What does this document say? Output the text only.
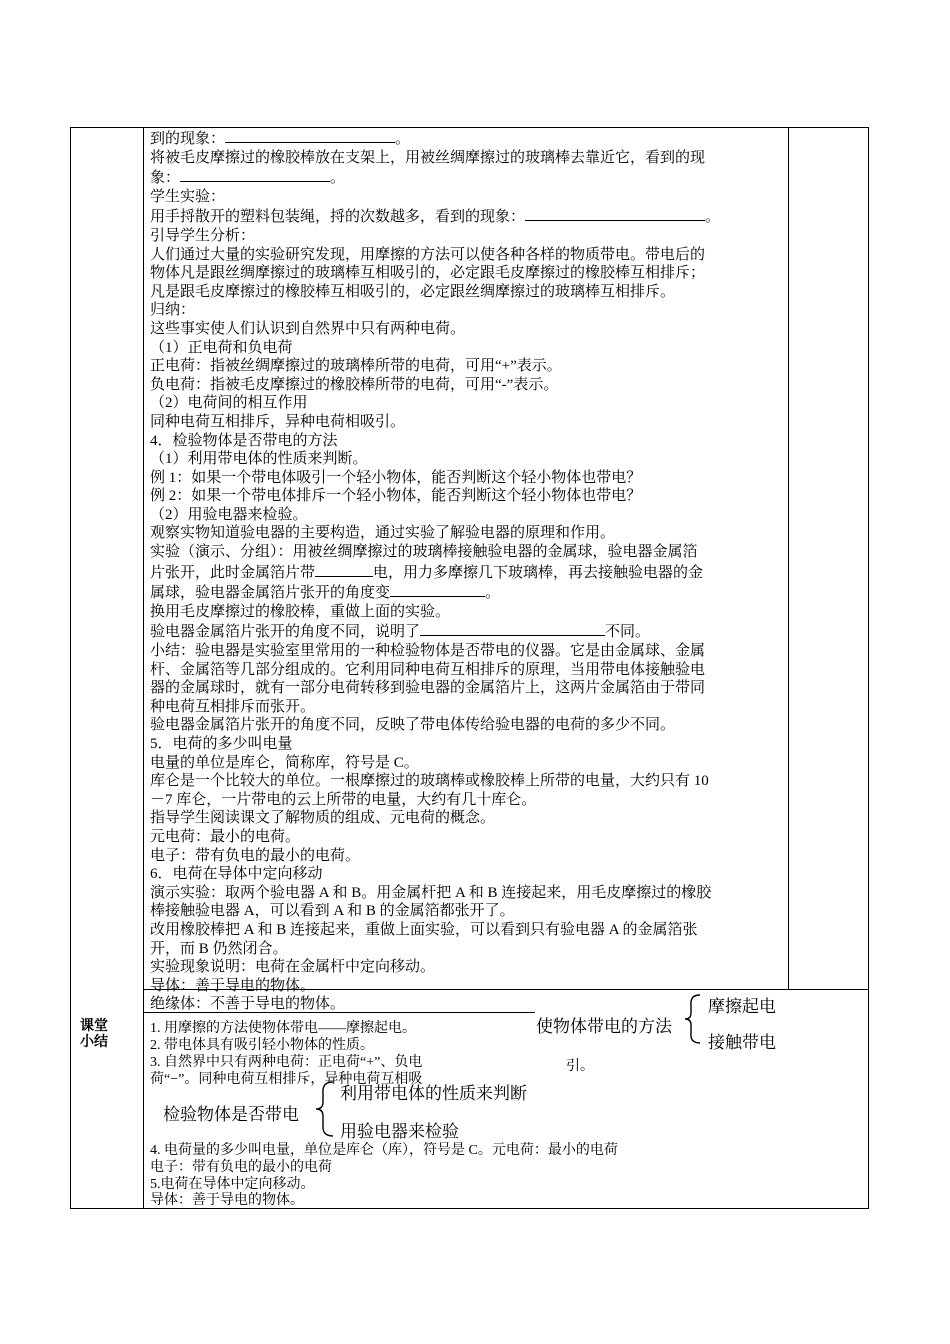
到的现象：	。

将被毛皮摩擦过的橡胶棒放在支架上，用被丝绸摩擦过的玻璃棒去靠近它，看到的现

象：	。

学生实验：

用手捋散开的塑料包装绳，捋的次数越多，看到的现象：	。

引导学生分析：

人们通过大量的实验研究发现，用摩擦的方法可以使各种各样的物质带电。带电后的

物体凡是跟丝绸摩擦过的玻璃棒互相吸引的，必定跟毛皮摩擦过的橡胶棒互相排斥；

凡是跟毛皮摩擦过的橡胶棒互相吸引的，必定跟丝绸摩擦过的玻璃棒互相排斥。

归纳：

这些事实使人们认识到自然界中只有两种电荷。

（1）正电荷和负电荷

正电荷：指被丝绸摩擦过的玻璃棒所带的电荷，可用“+”表示。

负电荷：指被毛皮摩擦过的橡胶棒所带的电荷，可用“-”表示。

（2）电荷间的相互作用

同种电荷互相排斥，异种电荷相吸引。

4．检验物体是否带电的方法

（1）利用带电体的性质来判断。

例 1：如果一个带电体吸引一个轻小物体，能否判断这个轻小物体也带电？

例 2：如果一个带电体排斥一个轻小物体，能否判断这个轻小物体也带电？

（2）用验电器来检验。

观察实物知道验电器的主要构造，通过实验了解验电器的原理和作用。

实验（演示、分组）：用被丝绸摩擦过的玻璃棒接触验电器的金属球，验电器金属箔

片张开，此时金属箔片带	电，用力多摩擦几下玻璃棒，再去接触验电器的金

属球，验电器金属箔片张开的角度变	。

换用毛皮摩擦过的橡胶棒，重做上面的实验。

验电器金属箔片张开的角度不同，说明了	不同。

小结：验电器是实验室里常用的一种检验物体是否带电的仪器。它是由金属球、金属

杆、金属箔等几部分组成的。它利用同种电荷互相排斥的原理，当用带电体接触验电

器的金属球时，就有一部分电荷转移到验电器的金属箔片上，这两片金属箔由于带同

种电荷互相排斥而张开。

验电器金属箔片张开的角度不同，反映了带电体传给验电器的电荷的多少不同。

5．电荷的多少叫电量

电量的单位是库仑，简称库，符号是 C。

库仑是一个比较大的单位。一根摩擦过的玻璃棒或橡胶棒上所带的电量，大约只有 10

－7 库仑，一片带电的云上所带的电量，大约有几十库仑。

指导学生阅读课文了解物质的组成、元电荷的概念。

元电荷：最小的电荷。

电子：带有负电的最小的电荷。

6．电荷在导体中定向移动

演示实验：取两个验电器 A 和 B。用金属杆把 A 和 B 连接起来，用毛皮摩擦过的橡胶

棒接触验电器 A，可以看到 A 和 B 的金属箔都张开了。

改用橡胶棒把 A 和 B 连接起来，重做上面实验，可以看到只有验电器 A 的金属箔张

开，而 B 仍然闭合。

实验现象说明：电荷在金属杆中定向移动。

导体：善于导电的物体。

绝缘体：不善于导电的物体。

课堂
小结
1. 用摩擦的方法使物体带电——摩擦起电。
2. 带电体具有吸引轻小物体的性质。
3. 自然界中只有两种电荷：正电荷“+”、负电
荷“−”。同种电荷互相排斥，异种电荷互相吸
引。
使物体带电的方法
摩擦起电
接触带电
检验物体是否带电
利用带电体的性质来判断
用验电器来检验
4. 电荷量的多少叫电量，单位是库仑（库），符号是 C。元电荷：最小的电荷
电子：带有负电的最小的电荷
5.电荷在导体中定向移动。
导体：善于导电的物体。
